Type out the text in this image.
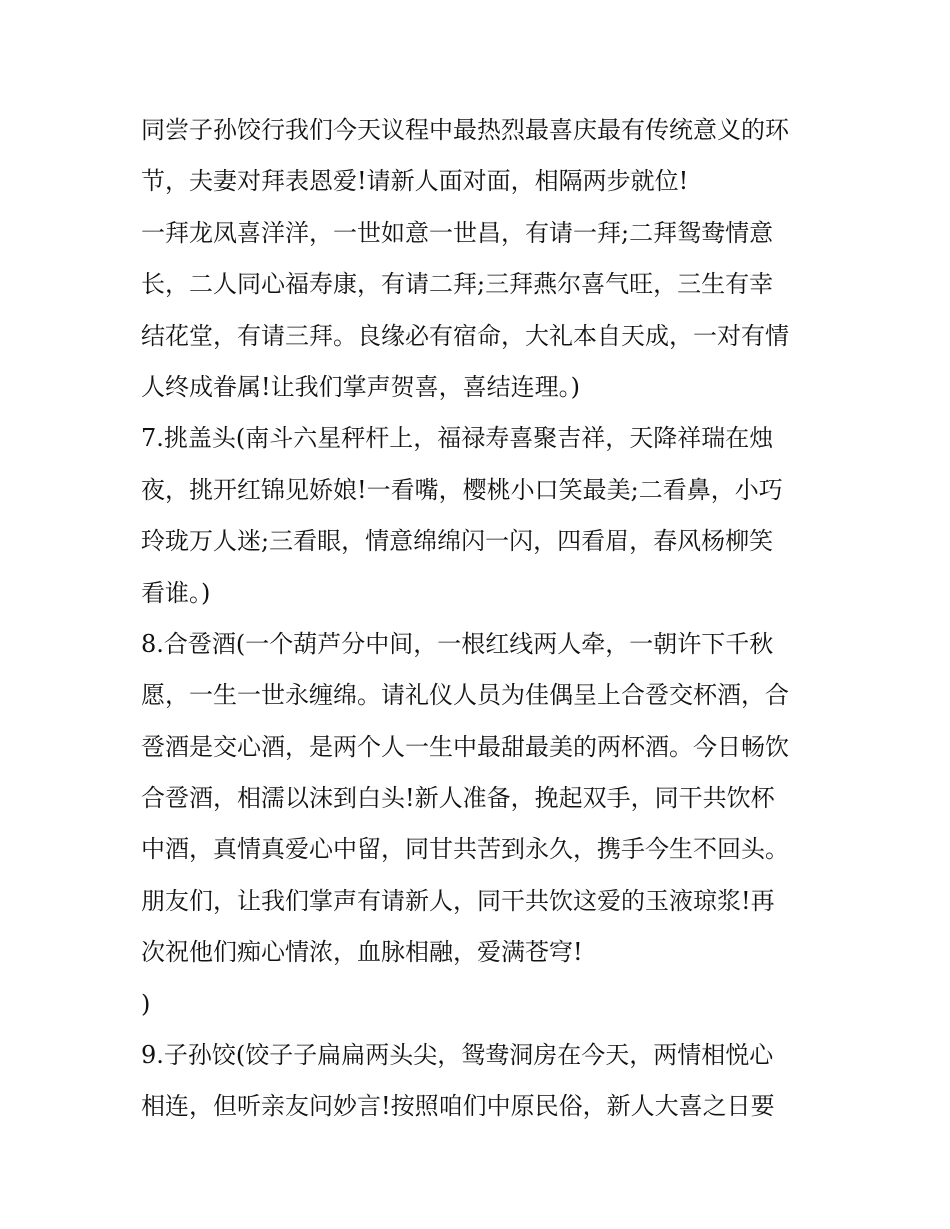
同尝子孙饺行我们今天议程中最热烈最喜庆最有传统意义的环
节，夫妻对拜表恩爱!请新人面对面，相隔两步就位!
一拜龙凤喜洋洋，一世如意一世昌，有请一拜;二拜鸳鸯情意
长，二人同心福寿康，有请二拜;三拜燕尔喜气旺，三生有幸
结花堂，有请三拜。良缘必有宿命，大礼本自天成，一对有情
人终成眷属!让我们掌声贺喜，喜结连理。)
7.挑盖头(南斗六星秤杆上，福禄寿喜聚吉祥，天降祥瑞在烛
夜，挑开红锦见娇娘!一看嘴，樱桃小口笑最美;二看鼻，小巧
玲珑万人迷;三看眼，情意绵绵闪一闪，四看眉，春风杨柳笑
看谁。)
8.合卺酒(一个葫芦分中间，一根红线两人牵，一朝许下千秋
愿，一生一世永缠绵。请礼仪人员为佳偶呈上合卺交杯酒，合
卺酒是交心酒，是两个人一生中最甜最美的两杯酒。今日畅饮
合卺酒，相濡以沫到白头!新人准备，挽起双手，同干共饮杯
中酒，真情真爱心中留，同甘共苦到永久，携手今生不回头。
朋友们，让我们掌声有请新人，同干共饮这爱的玉液琼浆!再
次祝他们痴心情浓，血脉相融，爱满苍穹!
)
9.子孙饺(饺子子扁扁两头尖，鸳鸯洞房在今天，两情相悦心
相连，但听亲友问妙言!按照咱们中原民俗，新人大喜之日要
